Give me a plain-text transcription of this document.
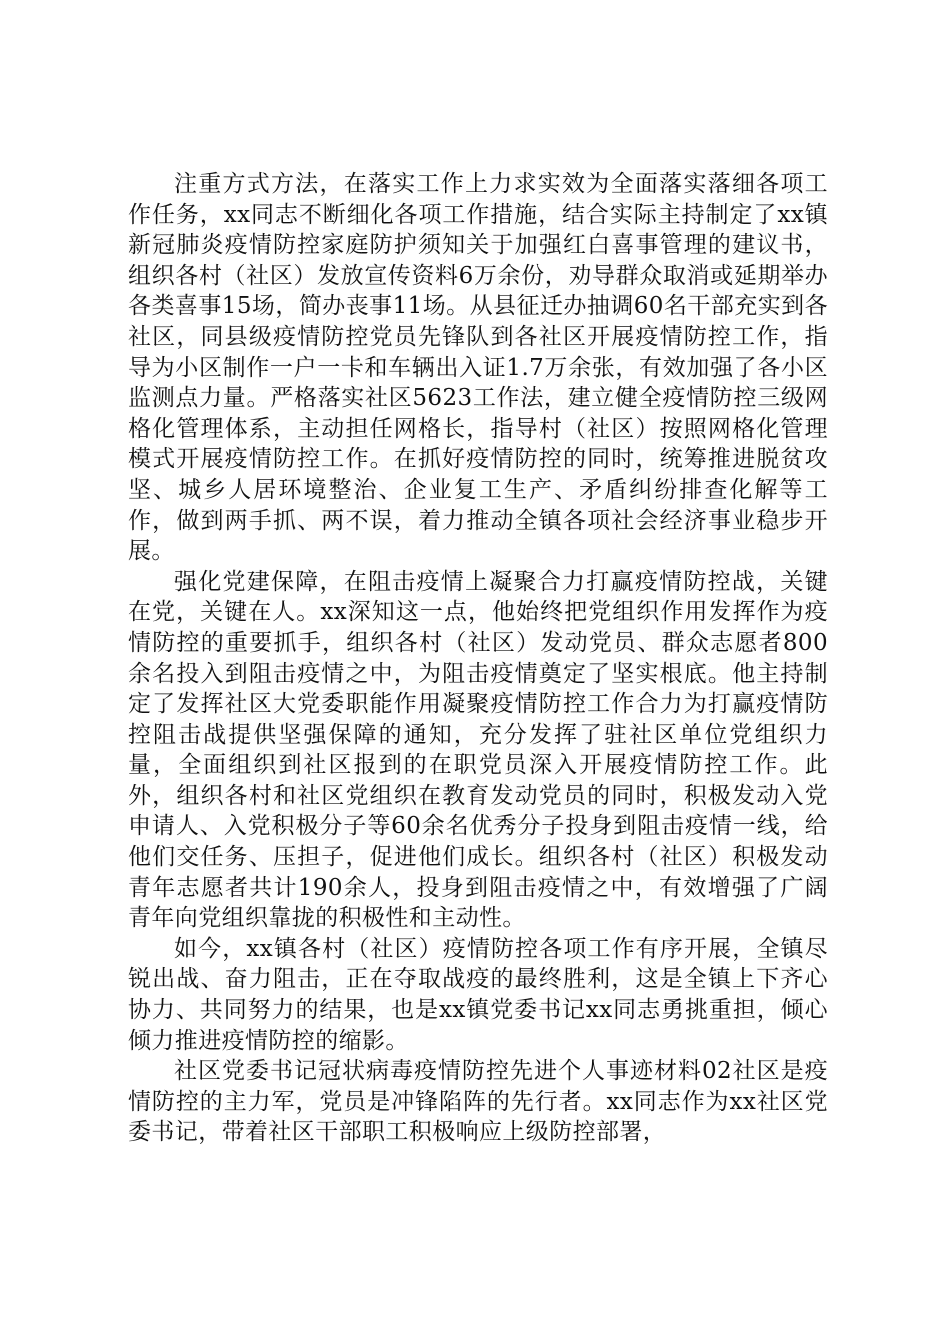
注重方式方法，在落实工作上力求实效为全面落实落细各项工作任务，xx同志不断细化各项工作措施，结合实际主持制定了xx镇新冠肺炎疫情防控家庭防护须知关于加强红白喜事管理的建议书，组织各村（社区）发放宣传资料6万余份，劝导群众取消或延期举办各类喜事15场，简办丧事11场。从县征迁办抽调60名干部充实到各社区，同县级疫情防控党员先锋队到各社区开展疫情防控工作，指导为小区制作一户一卡和车辆出入证1.7万余张，有效加强了各小区监测点力量。严格落实社区5623工作法，建立健全疫情防控三级网格化管理体系，主动担任网格长，指导村（社区）按照网格化管理模式开展疫情防控工作。在抓好疫情防控的同时，统筹推进脱贫攻坚、城乡人居环境整治、企业复工生产、矛盾纠纷排查化解等工作，做到两手抓、两不误，着力推动全镇各项社会经济事业稳步开展。

强化党建保障，在阻击疫情上凝聚合力打赢疫情防控战，关键在党，关键在人。xx深知这一点，他始终把党组织作用发挥作为疫情防控的重要抓手，组织各村（社区）发动党员、群众志愿者800余名投入到阻击疫情之中，为阻击疫情奠定了坚实根底。他主持制定了发挥社区大党委职能作用凝聚疫情防控工作合力为打赢疫情防控阻击战提供坚强保障的通知，充分发挥了驻社区单位党组织力量，全面组织到社区报到的在职党员深入开展疫情防控工作。此外，组织各村和社区党组织在教育发动党员的同时，积极发动入党申请人、入党积极分子等60余名优秀分子投身到阻击疫情一线，给他们交任务、压担子，促进他们成长。组织各村（社区）积极发动青年志愿者共计190余人，投身到阻击疫情之中，有效增强了广阔青年向党组织靠拢的积极性和主动性。

如今，xx镇各村（社区）疫情防控各项工作有序开展，全镇尽锐出战、奋力阻击，正在夺取战疫的最终胜利，这是全镇上下齐心协力、共同努力的结果，也是xx镇党委书记xx同志勇挑重担，倾心倾力推进疫情防控的缩影。

社区党委书记冠状病毒疫情防控先进个人事迹材料02社区是疫情防控的主力军，党员是冲锋陷阵的先行者。xx同志作为xx社区党委书记，带着社区干部职工积极响应上级防控部署，
